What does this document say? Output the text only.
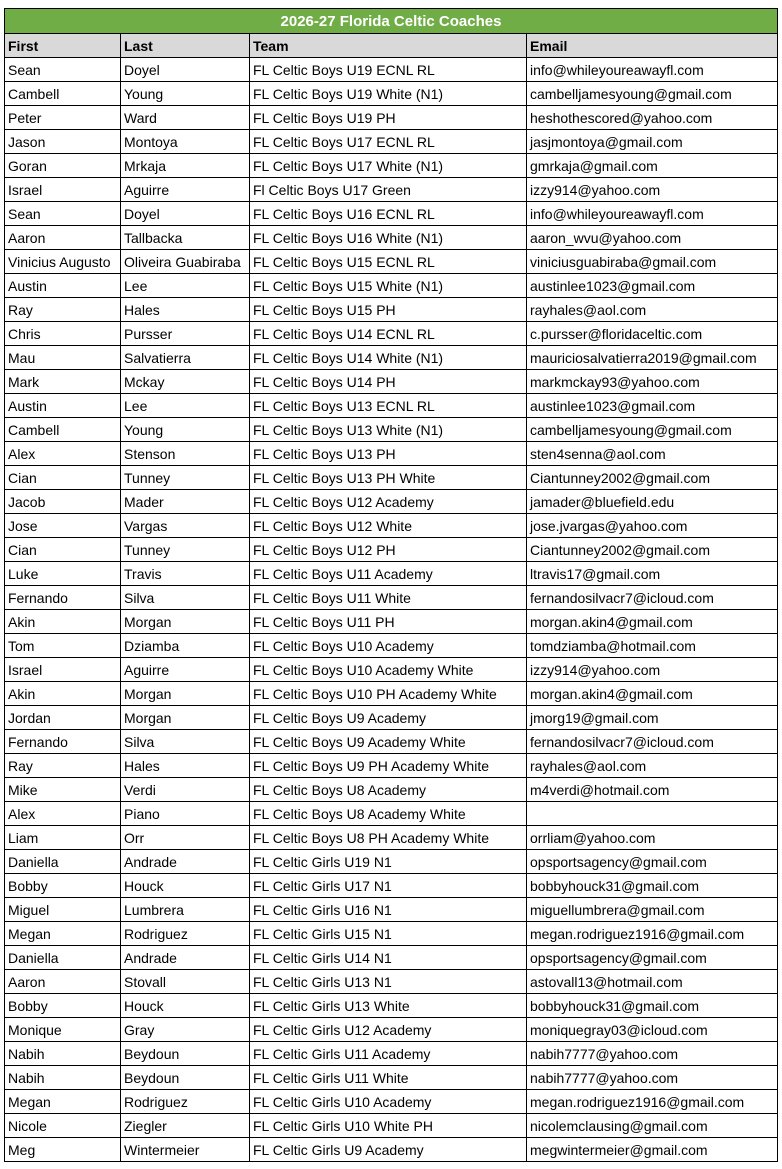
2026-27 Florida Celtic Coaches			
First	Last	Team	Email
Sean	Doyel	FL Celtic Boys U19 ECNL RL	info@whileyoureawayfl.com
Cambell	Young	FL Celtic Boys U19 White (N1)	cambelljamesyoung@gmail.com
Peter	Ward	FL Celtic Boys U19 PH	heshothescored@yahoo.com
Jason	Montoya	FL Celtic Boys U17 ECNL RL	jasjmontoya@gmail.com
Goran	Mrkaja	FL Celtic Boys U17 White (N1)	gmrkaja@gmail.com
Israel	Aguirre	Fl Celtic Boys U17 Green	izzy914@yahoo.com
Sean	Doyel	FL Celtic Boys U16 ECNL RL	info@whileyoureawayfl.com
Aaron	Tallbacka	FL Celtic Boys U16 White (N1)	aaron_wvu@yahoo.com
Vinicius Augusto	Oliveira Guabiraba	FL Celtic Boys U15 ECNL RL	viniciusguabiraba@gmail.com
Austin	Lee	FL Celtic Boys U15 White (N1)	austinlee1023@gmail.com
Ray	Hales	FL Celtic Boys U15 PH	rayhales@aol.com
Chris	Pursser	FL Celtic Boys U14 ECNL RL	c.pursser@floridaceltic.com
Mau	Salvatierra	FL Celtic Boys U14 White (N1)	mauriciosalvatierra2019@gmail.com
Mark	Mckay	FL Celtic Boys U14 PH	markmckay93@yahoo.com
Austin	Lee	FL Celtic Boys U13 ECNL RL	austinlee1023@gmail.com
Cambell	Young	FL Celtic Boys U13 White (N1)	cambelljamesyoung@gmail.com
Alex	Stenson	FL Celtic Boys U13 PH	sten4senna@aol.com
Cian	Tunney	FL Celtic Boys U13 PH White	Ciantunney2002@gmail.com
Jacob	Mader	FL Celtic Boys U12 Academy	jamader@bluefield.edu
Jose	Vargas	FL Celtic Boys U12 White	jose.jvargas@yahoo.com
Cian	Tunney	FL Celtic Boys U12 PH	Ciantunney2002@gmail.com
Luke	Travis	FL Celtic Boys U11 Academy	ltravis17@gmail.com
Fernando	Silva	FL Celtic Boys U11 White	fernandosilvacr7@icloud.com
Akin	Morgan	FL Celtic Boys U11 PH	morgan.akin4@gmail.com
Tom	Dziamba	FL Celtic Boys U10 Academy	tomdziamba@hotmail.com
Israel	Aguirre	FL Celtic Boys U10 Academy White	izzy914@yahoo.com
Akin	Morgan	FL Celtic Boys U10 PH Academy White	morgan.akin4@gmail.com
Jordan	Morgan	FL Celtic Boys U9 Academy	jmorg19@gmail.com
Fernando	Silva	FL Celtic Boys U9 Academy White	fernandosilvacr7@icloud.com
Ray	Hales	FL Celtic Boys U9 PH Academy White	rayhales@aol.com
Mike	Verdi	FL Celtic Boys U8 Academy	m4verdi@hotmail.com
Alex	Piano	FL Celtic Boys U8 Academy White	
Liam	Orr	FL Celtic Boys U8 PH Academy White	orrliam@yahoo.com
Daniella	Andrade	FL Celtic Girls U19 N1	opsportsagency@gmail.com
Bobby	Houck	FL Celtic Girls U17 N1	bobbyhouck31@gmail.com
Miguel	Lumbrera	FL Celtic Girls U16 N1	miguellumbrera@gmail.com
Megan	Rodriguez	FL Celtic Girls U15 N1	megan.rodriguez1916@gmail.com
Daniella	Andrade	FL Celtic Girls U14 N1	opsportsagency@gmail.com
Aaron	Stovall	FL Celtic Girls U13 N1	astovall13@hotmail.com
Bobby	Houck	FL Celtic Girls U13 White	bobbyhouck31@gmail.com
Monique	Gray	FL Celtic Girls U12 Academy	moniquegray03@icloud.com
Nabih	Beydoun	FL Celtic Girls U11 Academy	nabih7777@yahoo.com
Nabih	Beydoun	FL Celtic Girls U11 White	nabih7777@yahoo.com
Megan	Rodriguez	FL Celtic Girls U10 Academy	megan.rodriguez1916@gmail.com
Nicole	Ziegler	FL Celtic Girls U10 White PH	nicolemclausing@gmail.com
Meg	Wintermeier	FL Celtic Girls U9 Academy	megwintermeier@gmail.com
